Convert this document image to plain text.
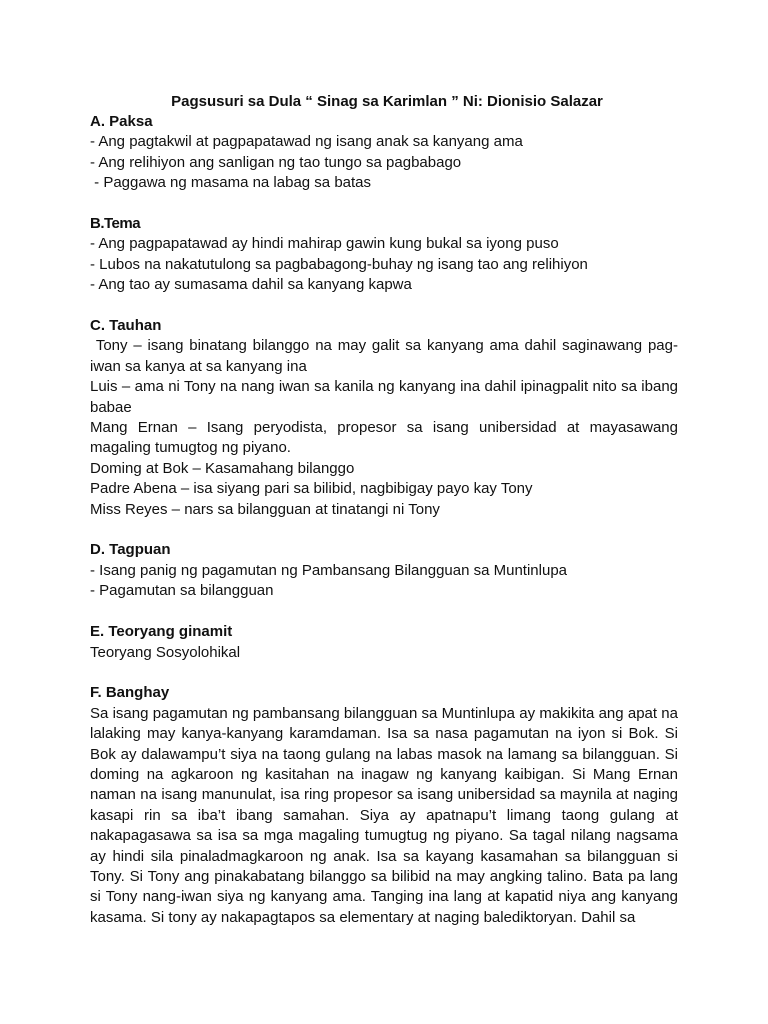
Pagsusuri sa Dula “ Sinag sa Karimlan ” Ni: Dionisio Salazar

A. Paksa

- Ang pagtakwil at pagpapatawad ng isang anak sa kanyang ama

- Ang relihiyon ang sanligan ng tao tungo sa pagbabago

- Paggawa ng masama na labag sa batas

B.Tema

- Ang pagpapatawad ay hindi mahirap gawin kung bukal sa iyong puso

- Lubos na nakatutulong sa pagbabagong-buhay ng isang tao ang relihiyon

- Ang tao ay sumasama dahil sa kanyang kapwa

C. Tauhan

Tony – isang binatang bilanggo na may galit sa kanyang ama dahil saginawang pag-iwan sa kanya at sa kanyang ina

Luis – ama ni Tony na nang iwan sa kanila ng kanyang ina dahil ipinagpalit nito sa ibang babae

Mang Ernan – Isang peryodista, propesor sa isang unibersidad at mayasawang magaling tumugtog ng piyano.

Doming at Bok – Kasamahang bilanggo

Padre Abena – isa siyang pari sa bilibid, nagbibigay payo kay Tony

Miss Reyes – nars sa bilangguan at tinatangi ni Tony

D. Tagpuan

- Isang panig ng pagamutan ng Pambansang Bilangguan sa Muntinlupa

- Pagamutan sa bilangguan

E. Teoryang ginamit

Teoryang Sosyolohikal

F. Banghay

Sa isang pagamutan ng pambansang bilangguan sa Muntinlupa ay makikita ang apat na lalaking may kanya-kanyang karamdaman. Isa sa nasa pagamutan na iyon si Bok. Si Bok ay dalawampu’t siya na taong gulang na labas masok na lamang sa bilangguan. Si doming na agkaroon ng kasitahan na inagaw ng kanyang kaibigan. Si Mang Ernan naman na isang manunulat, isa ring propesor sa isang unibersidad sa maynila at naging kasapi rin sa iba’t ibang samahan. Siya ay apatnapu’t limang taong gulang at nakapagasawa sa isa sa mga magaling tumugtug ng piyano. Sa tagal nilang nagsama ay hindi sila pinaladmagkaroon ng anak. Isa sa kayang kasamahan sa bilangguan si Tony. Si Tony ang pinakabatang bilanggo sa bilibid na may angking talino. Bata pa lang si Tony nang-iwan siya ng kanyang ama. Tanging ina lang at kapatid niya ang kanyang kasama. Si tony ay nakapagtapos sa elementary at naging balediktoryan. Dahil sa
